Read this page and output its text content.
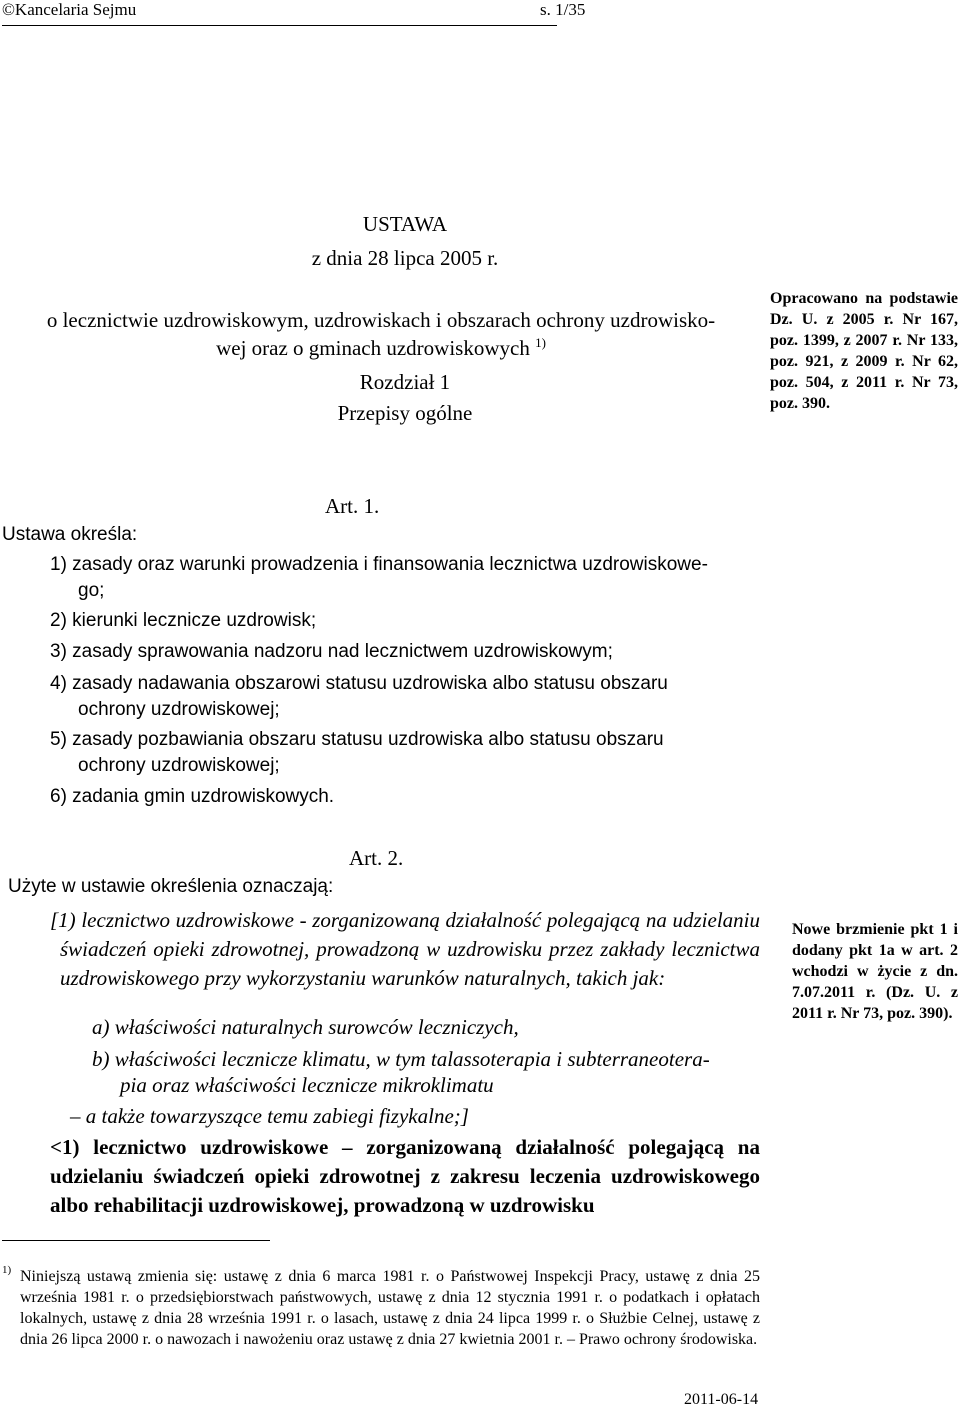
©Kancelaria Sejmu	s. 1/35
USTAWA
z dnia 28 lipca 2005 r.
o lecznictwie uzdrowiskowym, uzdrowiskach i obszarach ochrony uzdrowisko-
wej oraz o gminach uzdrowiskowych $^{1)}$
Rozdział 1
Przepisy ogólne
Opracowano na podstawie Dz. U. z 2005 r. Nr 167, poz. 1399, z 2007 r. Nr 133, poz. 921, z 2009 r. Nr 62, poz. 504, z 2011 r. Nr 73, poz. 390.
Art. 1.
Ustawa określa:
1) zasady oraz warunki prowadzenia i finansowania lecznictwa uzdrowiskowe-
go;
2) kierunki lecznicze uzdrowisk;
3) zasady sprawowania nadzoru nad lecznictwem uzdrowiskowym;
4) zasady nadawania obszarowi statusu uzdrowiska albo statusu obszaru
ochrony uzdrowiskowej;
5) zasady pozbawiania obszaru statusu uzdrowiska albo statusu obszaru
ochrony uzdrowiskowej;
6) zadania gmin uzdrowiskowych.
Art. 2.
Użyte w ustawie określenia oznaczają:
[1) lecznictwo uzdrowiskowe - zorganizowaną działalność polegającą na udzielaniu świadczeń opieki zdrowotnej, prowadzoną w uzdrowisku przez zakłady lecznictwa uzdrowiskowego przy wykorzystaniu warunków naturalnych, takich jak:
a) właściwości naturalnych surowców leczniczych,
b) właściwości lecznicze klimatu, w tym talassoterapia i subterraneotera-
pia oraz właściwości lecznicze mikroklimatu
– a także towarzyszące temu zabiegi fizykalne;]
<1) lecznictwo uzdrowiskowe – zorganizowaną działalność polegającą na udzielaniu świadczeń opieki zdrowotnej z zakresu leczenia uzdrowiskowego albo rehabilitacji uzdrowiskowej, prowadzoną w uzdrowisku
Nowe brzmienie pkt 1 i dodany pkt 1a w art. 2 wchodzi w życie z dn. 7.07.2011 r. (Dz. U. z 2011 r. Nr 73, poz. 390).
$^{1)}$ Niniejszą ustawą zmienia się: ustawę z dnia 6 marca 1981 r. o Państwowej Inspekcji Pracy, ustawę z dnia 25 września 1981 r. o przedsiębiorstwach państwowych, ustawę z dnia 12 stycznia 1991 r. o podatkach i opłatach lokalnych, ustawę z dnia 28 września 1991 r. o lasach, ustawę z dnia 24 lipca 1999 r. o Służbie Celnej, ustawę z dnia 26 lipca 2000 r. o nawozach i nawożeniu oraz ustawę z dnia 27 kwietnia 2001 r. – Prawo ochrony środowiska.
2011-06-14
